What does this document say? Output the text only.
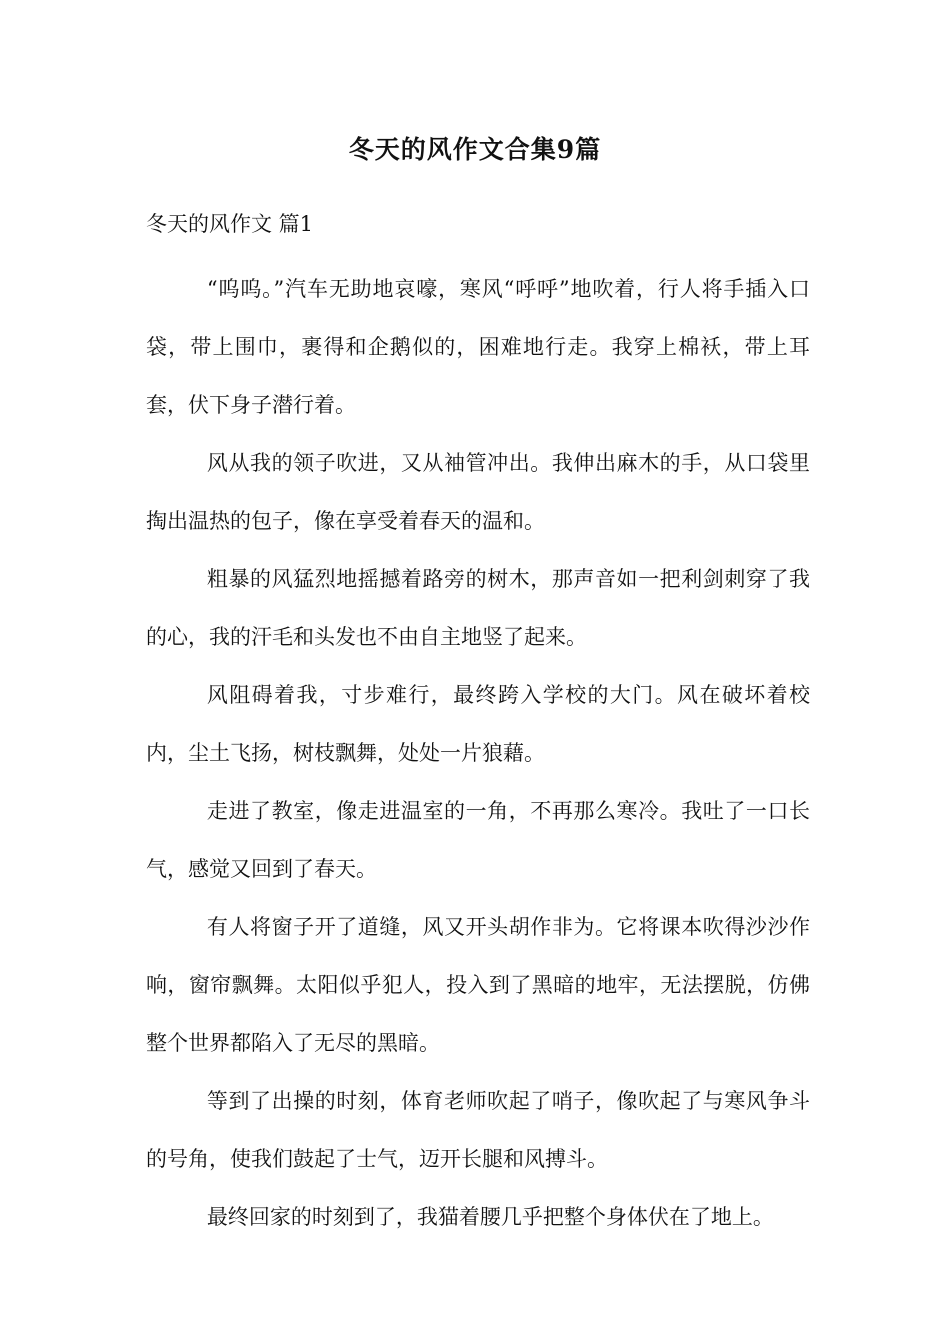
冬天的风作文合集9篇
冬天的风作文 篇1

“呜呜。”汽车无助地哀嚎，寒风“呼呼”地吹着，行人将手插入口袋，带上围巾，裹得和企鹅似的，困难地行走。我穿上棉袄，带上耳套，伏下身子潜行着。

风从我的领子吹进，又从袖管冲出。我伸出麻木的手，从口袋里掏出温热的包子，像在享受着春天的温和。

粗暴的风猛烈地摇撼着路旁的树木，那声音如一把利剑刺穿了我的心，我的汗毛和头发也不由自主地竖了起来。

风阻碍着我，寸步难行，最终跨入学校的大门。风在破坏着校内，尘土飞扬，树枝飘舞，处处一片狼藉。

走进了教室，像走进温室的一角，不再那么寒冷。我吐了一口长气，感觉又回到了春天。

有人将窗子开了道缝，风又开头胡作非为。它将课本吹得沙沙作响，窗帘飘舞。太阳似乎犯人，投入到了黑暗的地牢，无法摆脱，仿佛整个世界都陷入了无尽的黑暗。

等到了出操的时刻，体育老师吹起了哨子，像吹起了与寒风争斗的号角，使我们鼓起了士气，迈开长腿和风搏斗。

最终回家的时刻到了，我猫着腰几乎把整个身体伏在了地上。
